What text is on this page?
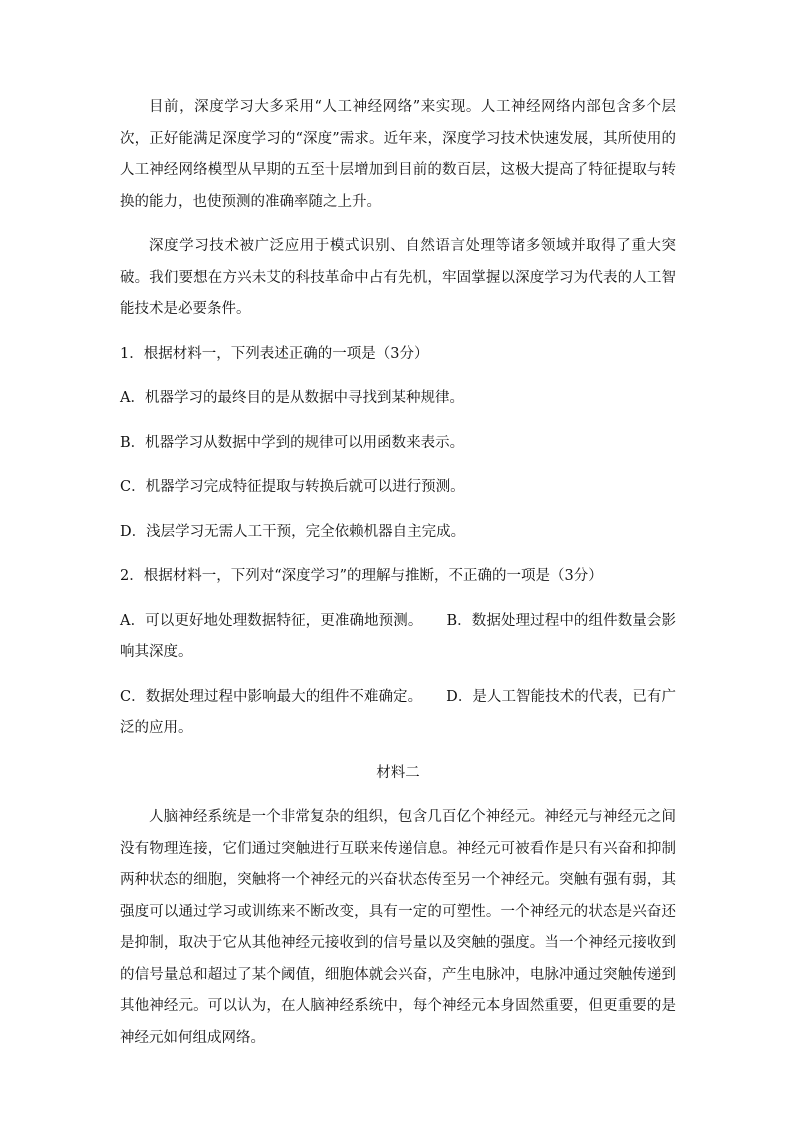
目前，深度学习大多采用“人工神经网络”来实现。人工神经网络内部包含多个层次，正好能满足深度学习的“深度”需求。近年来，深度学习技术快速发展，其所使用的人工神经网络模型从早期的五至十层增加到目前的数百层，这极大提高了特征提取与转换的能力，也使预测的准确率随之上升。

深度学习技术被广泛应用于模式识别、自然语言处理等诸多领域并取得了重大突破。我们要想在方兴未艾的科技革命中占有先机，牢固掌握以深度学习为代表的人工智能技术是必要条件。

1．根据材料一，下列表述正确的一项是（3分）

A．机器学习的最终目的是从数据中寻找到某种规律。

B．机器学习从数据中学到的规律可以用函数来表示。

C．机器学习完成特征提取与转换后就可以进行预测。

D．浅层学习无需人工干预，完全依赖机器自主完成。

2．根据材料一，下列对“深度学习”的理解与推断，不正确的一项是（3分）

A．可以更好地处理数据特征，更准确地预测。 B．数据处理过程中的组件数量会影响其深度。

C．数据处理过程中影响最大的组件不难确定。 D．是人工智能技术的代表，已有广泛的应用。

材料二

人脑神经系统是一个非常复杂的组织，包含几百亿个神经元。神经元与神经元之间没有物理连接，它们通过突触进行互联来传递信息。神经元可被看作是只有兴奋和抑制两种状态的细胞，突触将一个神经元的兴奋状态传至另一个神经元。突触有强有弱，其强度可以通过学习或训练来不断改变，具有一定的可塑性。一个神经元的状态是兴奋还是抑制，取决于它从其他神经元接收到的信号量以及突触的强度。当一个神经元接收到的信号量总和超过了某个阈值，细胞体就会兴奋，产生电脉冲，电脉冲通过突触传递到其他神经元。可以认为，在人脑神经系统中，每个神经元本身固然重要，但更重要的是神经元如何组成网络。
